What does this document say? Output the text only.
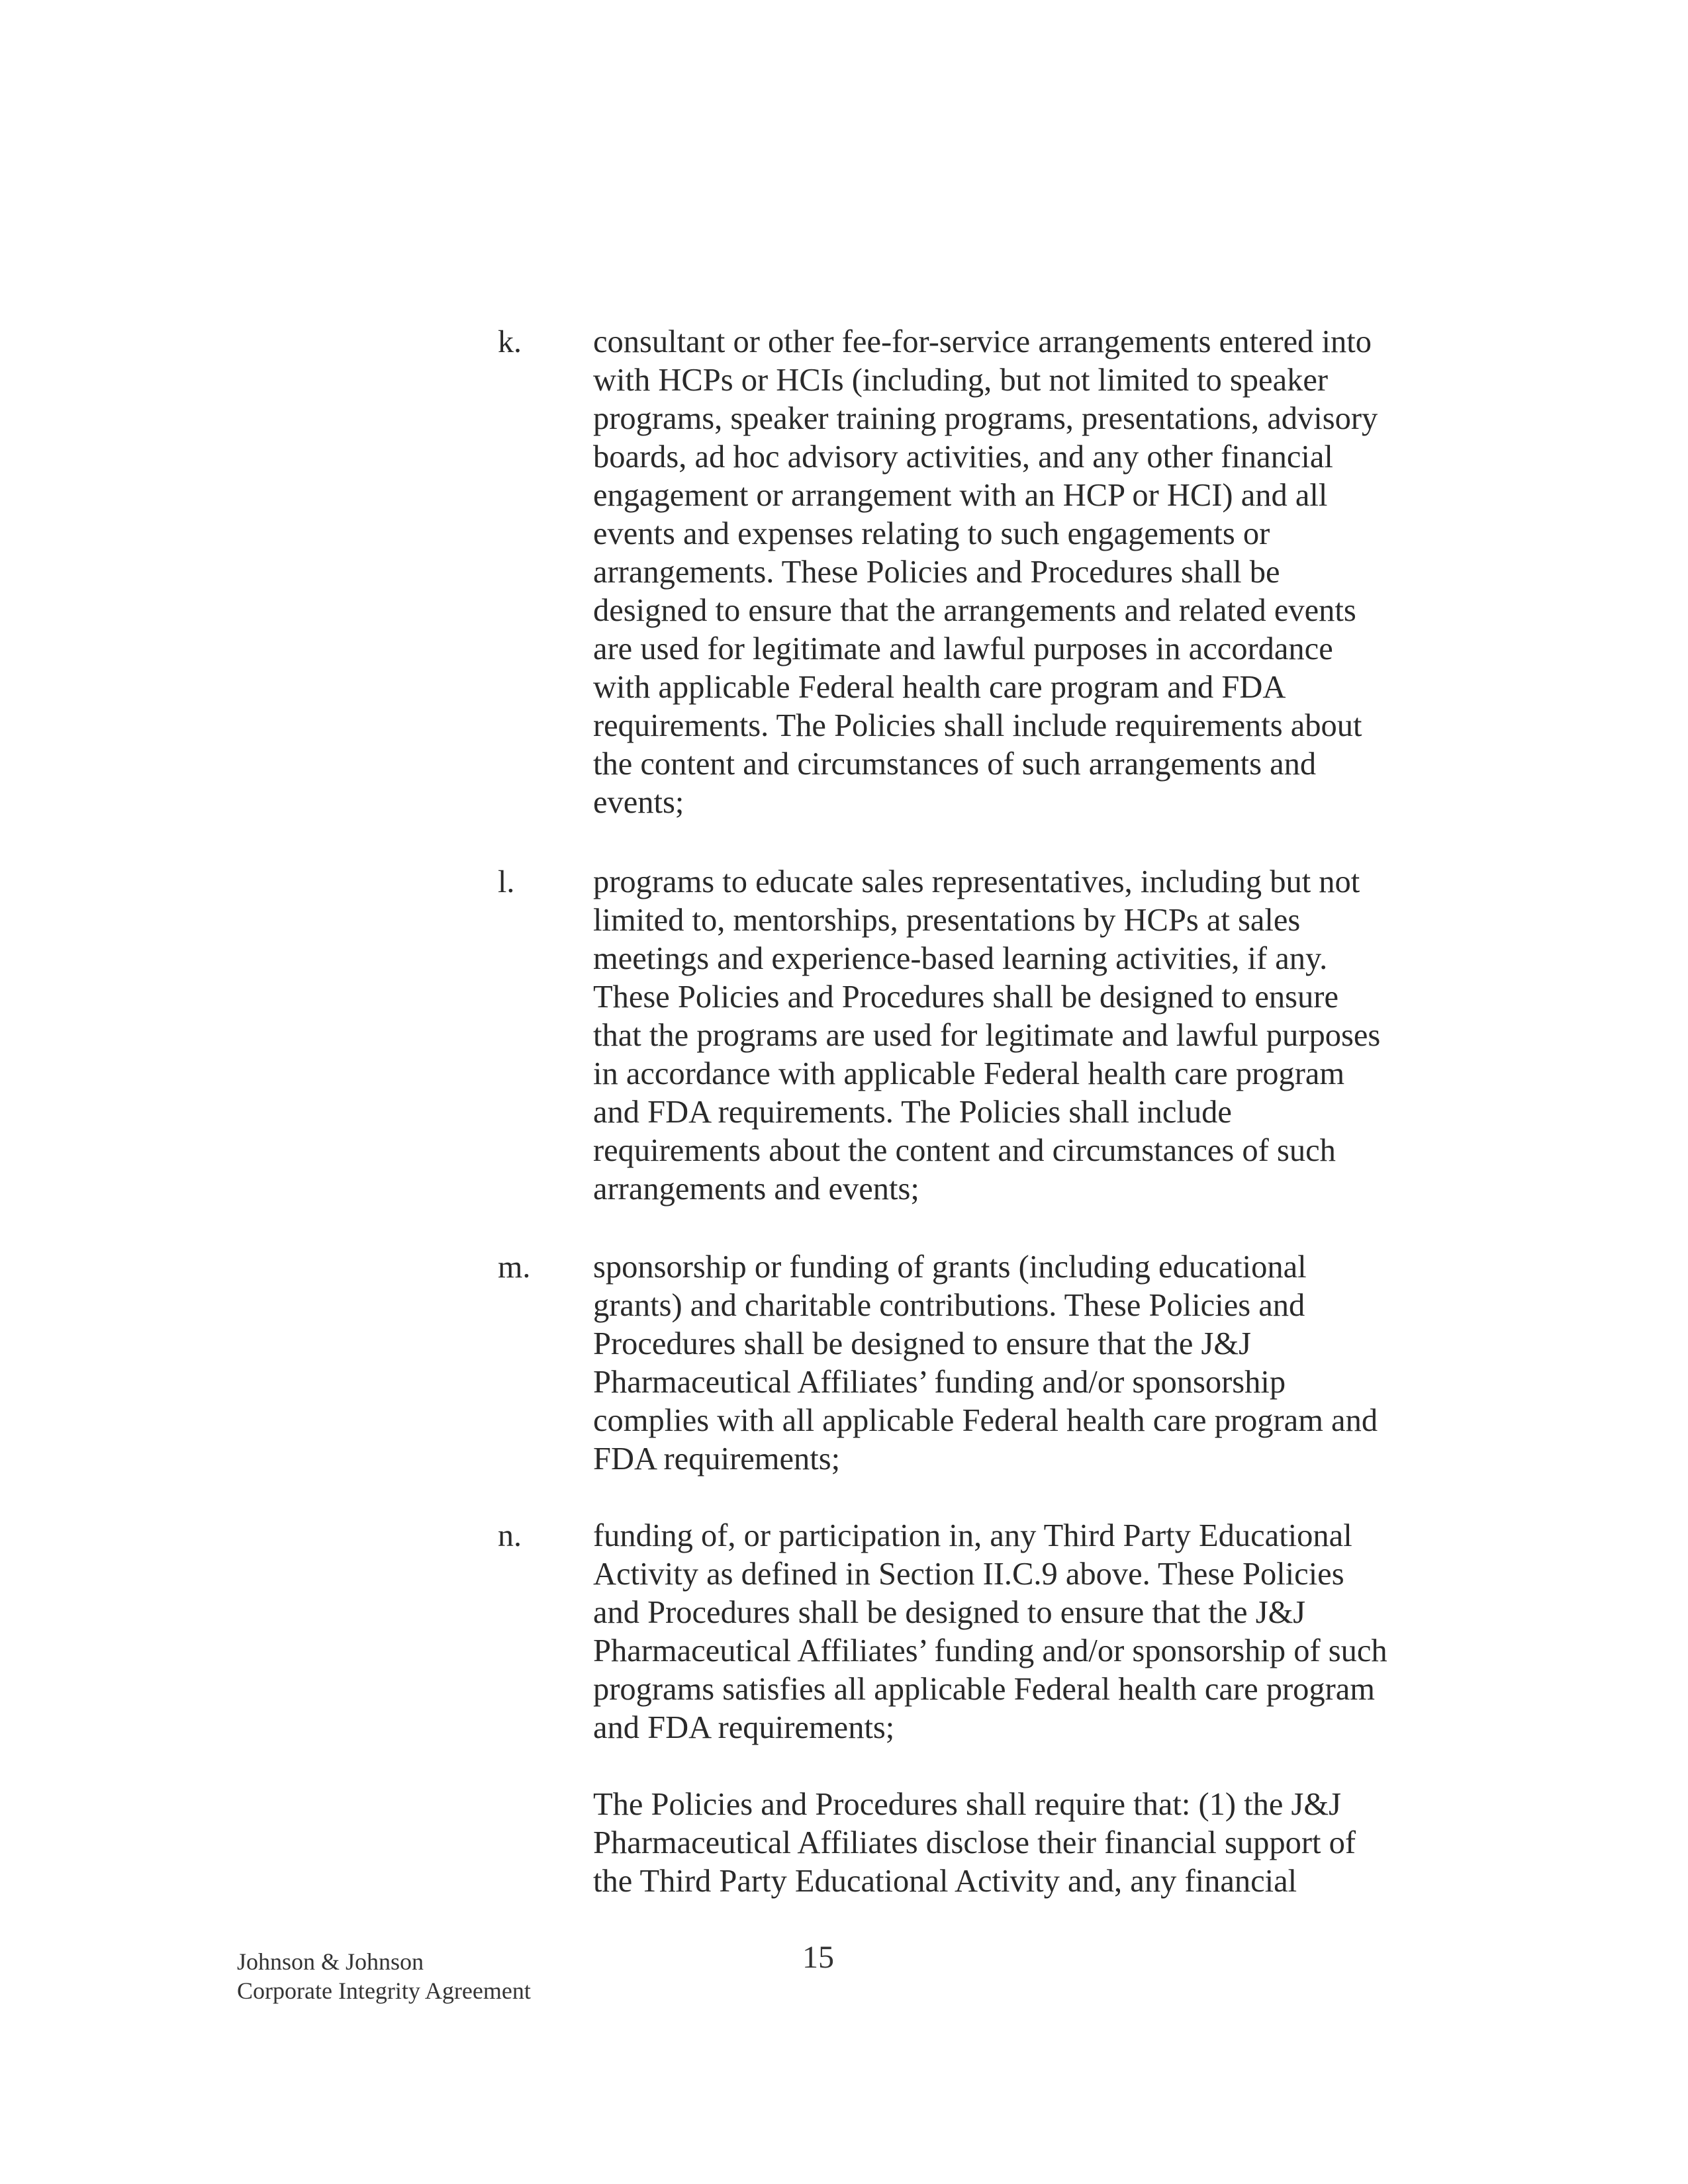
k. consultant or other fee-for-service arrangements entered into
with HCPs or HCIs (including, but not limited to speaker
programs, speaker training programs, presentations, advisory
boards, ad hoc advisory activities, and any other financial
engagement or arrangement with an HCP or HCI) and all
events and expenses relating to such engagements or
arrangements. These Policies and Procedures shall be
designed to ensure that the arrangements and related events
are used for legitimate and lawful purposes in accordance
with applicable Federal health care program and FDA
requirements. The Policies shall include requirements about
the content and circumstances of such arrangements and
events;
l. programs to educate sales representatives, including but not
limited to, mentorships, presentations by HCPs at sales
meetings and experience-based learning activities, if any.
These Policies and Procedures shall be designed to ensure
that the programs are used for legitimate and lawful purposes
in accordance with applicable Federal health care program
and FDA requirements. The Policies shall include
requirements about the content and circumstances of such
arrangements and events;
m. sponsorship or funding of grants (including educational
grants) and charitable contributions. These Policies and
Procedures shall be designed to ensure that the J&J
Pharmaceutical Affiliates’ funding and/or sponsorship
complies with all applicable Federal health care program and
FDA requirements;
n. funding of, or participation in, any Third Party Educational
Activity as defined in Section II.C.9 above. These Policies
and Procedures shall be designed to ensure that the J&J
Pharmaceutical Affiliates’ funding and/or sponsorship of such
programs satisfies all applicable Federal health care program
and FDA requirements;
The Policies and Procedures shall require that: (1) the J&J
Pharmaceutical Affiliates disclose their financial support of
the Third Party Educational Activity and, any financial
Johnson & Johnson
Corporate Integrity Agreement
15
